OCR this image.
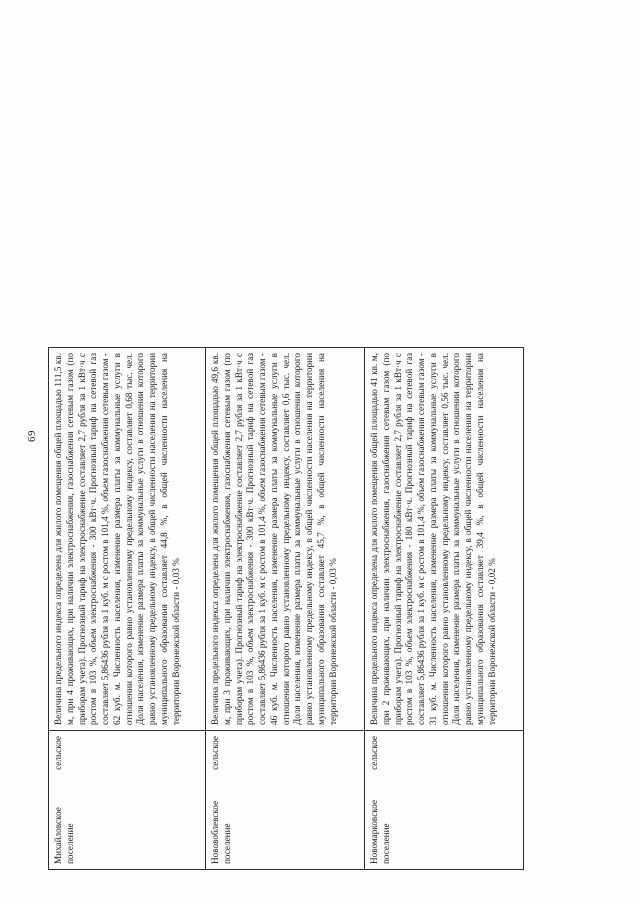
69
Михайловское сельское поселение	Величина предельного индекса определена для жилого помещения общей площадью 111,5 кв. м, при 4 проживающих, при наличии электроснабжения, газоснабжения сетевым газом (по приборам учета). Прогнозный тариф на электроснабжение составляет 2,7 рубля за 1 кВт·ч с ростом в 103 %, объем электроснабжения - 300 кВт·ч. Прогнозный тариф на сетевой газ составляет 5,86436 рубля за 1 куб. м с ростом в 101,4 %, объем газоснабжения сетевым газом - 62 куб. м. Численность населения, изменение размера платы за коммунальные услуги в отношении которого равно установленному предельному индексу, составляет 0,68 тыс. чел. Доля населения, изменение размера платы за коммунальные услуги в отношении которого равно установленному предельному индексу, в общей численности населения на территории муниципального образования составляет 44,8 %, в общей численности населения на территории Воронежской области - 0,03 %

Нововоблевское сельское поселение	Величина предельного индекса определена для жилого помещения общей площадью 49,6 кв. м, при 3 проживающих, при наличии электроснабжения, газоснабжения сетевым газом (по приборам учета). Прогнозный тариф на электроснабжение составляет 2,7 рубля за 1 кВт·ч с ростом в 103 %, объем электроснабжения - 300 кВт·ч. Прогнозный тариф на сетевой газ составляет 5,86436 рубля за 1 куб. м с ростом в 101,4 %, объем газоснабжения сетевым газом - 46 куб. м. Численность населения, изменение размера платы за коммунальные услуги в отношении которого равно установленному предельному индексу, составляет 0,6 тыс. чел. Доля населения, изменение размера платы за коммунальные услуги в отношении которого равно установленному предельному индексу, в общей численности населения на территории муниципального образования составляет 45,7 %, в общей численности населения на территории Воронежской области - 0,03 %

Новомарковское сельское поселение	Величина предельного индекса определена для жилого помещения общей площадью 41 кв. м, при 2 проживающих, при наличии электроснабжения, газоснабжения сетевым газом (по приборам учета). Прогнозный тариф на электроснабжение составляет 2,7 рубля за 1 кВт·ч с ростом в 103 %, объем электроснабжения - 180 кВт·ч. Прогнозный тариф на сетевой газ составляет 5,86436 рубля за 1 куб. м с ростом в 101,4 %, объем газоснабжения сетевым газом - 31 куб. м. Численность населения, изменение размера платы за коммунальные услуги в отношении которого равно установленному предельному индексу, составляет 0,56 тыс. чел. Доля населения, изменение размера платы за коммунальные услуги в отношении которого равно установленному предельному индексу, в общей численности населения на территории муниципального образования составляет 39,4 %, в общей численности населения на территории Воронежской области - 0,02 %
